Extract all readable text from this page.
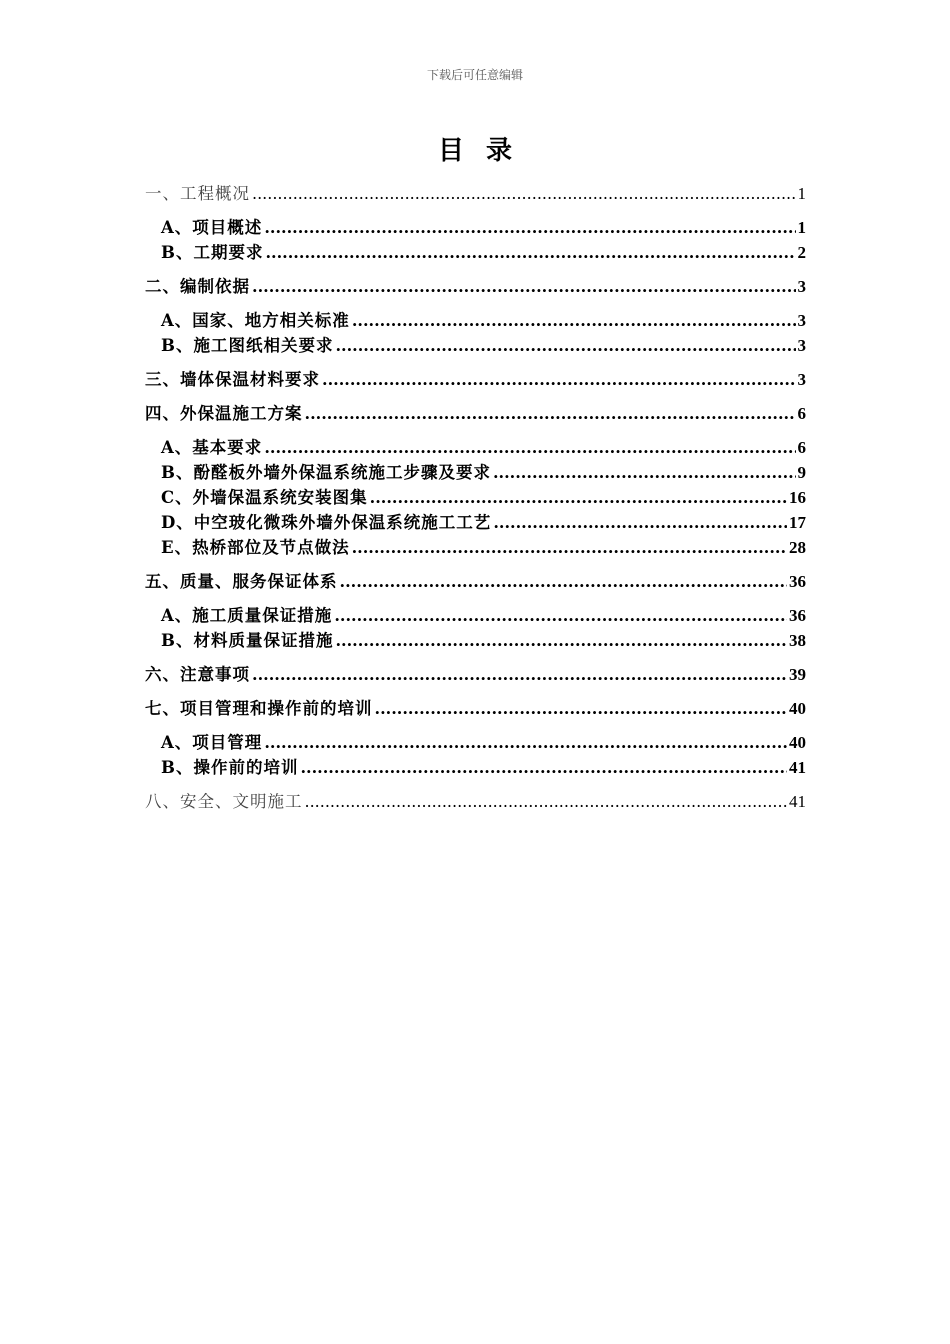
下载后可任意编辑
目录
一、工程概况 .....	1
A、项目概述 .....	1
B、工期要求 .....	2
二、编制依据 .....	3
A、国家、地方相关标准 .....	3
B、施工图纸相关要求 .....	3
三、墙体保温材料要求 .....	3
四、外保温施工方案 .....	6
A、基本要求 .....	6
B、酚醛板外墙外保温系统施工步骤及要求 .....	9
C、外墙保温系统安装图集 .....	16
D、中空玻化微珠外墙外保温系统施工工艺 .....	17
E、热桥部位及节点做法 .....	28
五、质量、服务保证体系 .....	36
A、施工质量保证措施 .....	36
B、材料质量保证措施 .....	38
六、注意事项 .....	39
七、项目管理和操作前的培训 .....	40
A、项目管理 .....	40
B、操作前的培训 .....	41
八、安全、文明施工 .....	41
